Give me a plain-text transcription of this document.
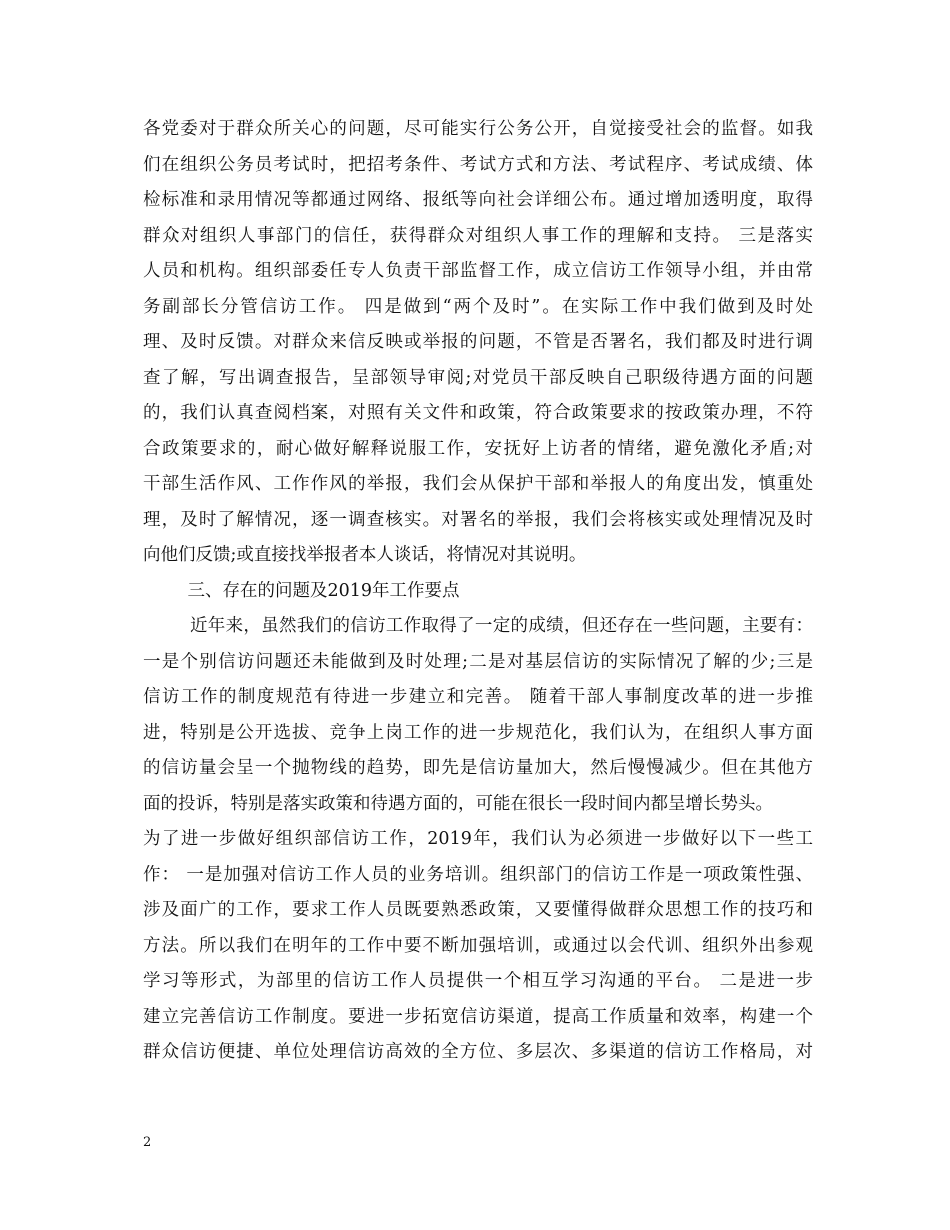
各党委对于群众所关心的问题，尽可能实行公务公开，自觉接受社会的监督。如我
们在组织公务员考试时，把招考条件、考试方式和方法、考试程序、考试成绩、体
检标准和录用情况等都通过网络、报纸等向社会详细公布。通过增加透明度，取得
群众对组织人事部门的信任，获得群众对组织人事工作的理解和支持。 三是落实
人员和机构。组织部委任专人负责干部监督工作，成立信访工作领导小组，并由常
务副部长分管信访工作。 四是做到“两个及时”。在实际工作中我们做到及时处
理、及时反馈。对群众来信反映或举报的问题，不管是否署名，我们都及时进行调
查了解，写出调查报告，呈部领导审阅;对党员干部反映自己职级待遇方面的问题
的，我们认真查阅档案，对照有关文件和政策，符合政策要求的按政策办理，不符
合政策要求的，耐心做好解释说服工作，安抚好上访者的情绪，避免激化矛盾;对
干部生活作风、工作作风的举报，我们会从保护干部和举报人的角度出发，慎重处
理，及时了解情况，逐一调查核实。对署名的举报，我们会将核实或处理情况及时
向他们反馈;或直接找举报者本人谈话，将情况对其说明。
三、存在的问题及2019年工作要点
近年来，虽然我们的信访工作取得了一定的成绩，但还存在一些问题，主要有：
一是个别信访问题还未能做到及时处理;二是对基层信访的实际情况了解的少;三是
信访工作的制度规范有待进一步建立和完善。 随着干部人事制度改革的进一步推
进，特别是公开选拔、竞争上岗工作的进一步规范化，我们认为，在组织人事方面
的信访量会呈一个抛物线的趋势，即先是信访量加大，然后慢慢减少。但在其他方
面的投诉，特别是落实政策和待遇方面的，可能在很长一段时间内都呈增长势头。
为了进一步做好组织部信访工作，2019年，我们认为必须进一步做好以下一些工
作： 一是加强对信访工作人员的业务培训。组织部门的信访工作是一项政策性强、
涉及面广的工作，要求工作人员既要熟悉政策，又要懂得做群众思想工作的技巧和
方法。所以我们在明年的工作中要不断加强培训，或通过以会代训、组织外出参观
学习等形式，为部里的信访工作人员提供一个相互学习沟通的平台。 二是进一步
建立完善信访工作制度。要进一步拓宽信访渠道，提高工作质量和效率，构建一个
群众信访便捷、单位处理信访高效的全方位、多层次、多渠道的信访工作格局，对
2
